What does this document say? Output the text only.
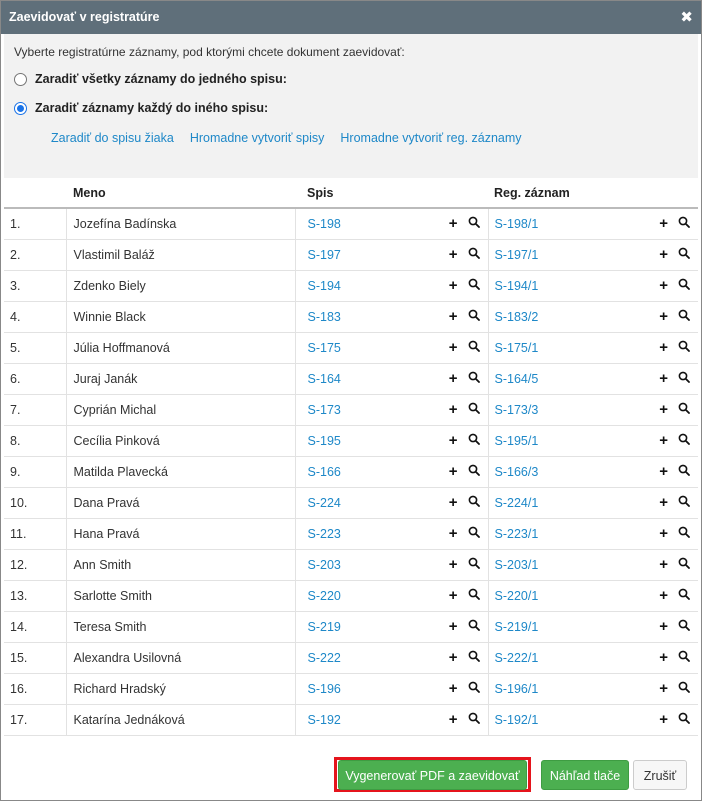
Zaevidovať v registratúre	✖
Vyberte registratúrne záznamy, pod ktorými chcete dokument zaevidovať:
Zaradiť všetky záznamy do jedného spisu:
Zaradiť záznamy každý do iného spisu:
Zaradiť do spisu žiaka Hromadne vytvoriť spisy Hromadne vytvoriť reg. záznamy
	Meno	Spis	Reg. záznam
1.	Jozefína Badínska	S-198 +	S-198/1 +

2.	Vlastimil Baláž	S-197 +	S-197/1 +

3.	Zdenko Biely	S-194 +	S-194/1 +

4.	Winnie Black	S-183 +	S-183/2 +

5.	Júlia Hoffmanová	S-175 +	S-175/1 +

6.	Juraj Janák	S-164 +	S-164/5 +

7.	Cyprián Michal	S-173 +	S-173/3 +

8.	Cecília Pinková	S-195 +	S-195/1 +

9.	Matilda Plavecká	S-166 +	S-166/3 +

10.	Dana Pravá	S-224 +	S-224/1 +

11.	Hana Pravá	S-223 +	S-223/1 +

12.	Ann Smith	S-203 +	S-203/1 +

13.	Sarlotte Smith	S-220 +	S-220/1 +

14.	Teresa Smith	S-219 +	S-219/1 +

15.	Alexandra Usilovná	S-222 +	S-222/1 +

16.	Richard Hradský	S-196 +	S-196/1 +

17.	Katarína Jednáková	S-192 +	S-192/1 +
Vygenerovať PDF a zaevidovať	Náhľad tlače	Zrušiť
